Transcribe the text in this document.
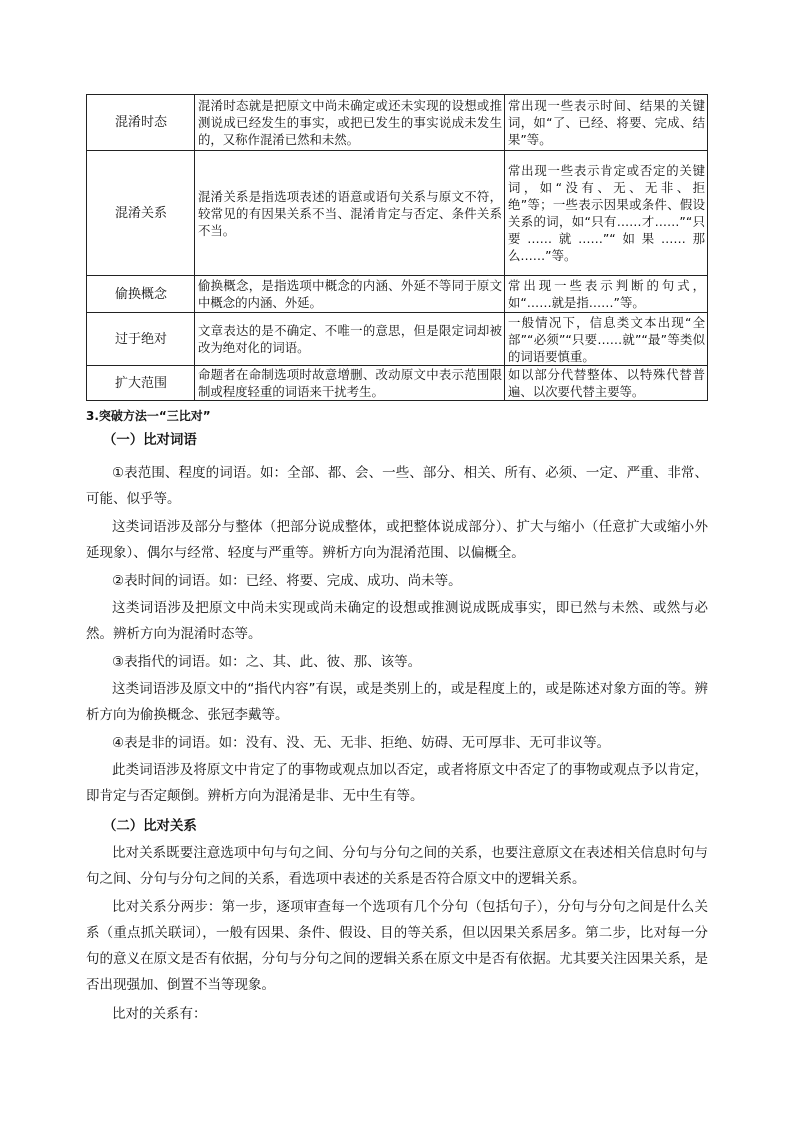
混淆时态	混淆时态就是把原文中尚未确定或还未实现的设想或推测说成已经发生的事实，或把已发生的事实说成未发生的，又称作混淆已然和未然。	常出现一些表示时间、结果的关键词，如“了、已经、将要、完成、结果”等。
混淆关系	混淆关系是指选项表述的语意或语句关系与原文不符，较常见的有因果关系不当、混淆肯定与否定、条件关系不当。	常出现一些表示肯定或否定的关键词，如“没有、无、无非、拒绝”等；一些表示因果或条件、假设关系的词，如“只有……才……”“只要……就……”“如果……那么……”等。
偷换概念	偷换概念，是指选项中概念的内涵、外延不等同于原文中概念的内涵、外延。	常出现一些表示判断的句式，如“……就是指……”等。
过于绝对	文章表达的是不确定、不唯一的意思，但是限定词却被改为绝对化的词语。	一般情况下，信息类文本出现“全部”“必须”“只要……就”“最”等类似的词语要慎重。
扩大范围	命题者在命制选项时故意增删、改动原文中表示范围限制或程度轻重的词语来干扰考生。	如以部分代替整体、以特殊代替普遍、以次要代替主要等。
3.突破方法一“三比对”
（一）比对词语

①表范围、程度的词语。如：全部、都、会、一些、部分、相关、所有、必须、一定、严重、非常、可能、似乎等。

这类词语涉及部分与整体（把部分说成整体，或把整体说成部分）、扩大与缩小（任意扩大或缩小外延现象）、偶尔与经常、轻度与严重等。辨析方向为混淆范围、以偏概全。

②表时间的词语。如：已经、将要、完成、成功、尚未等。

这类词语涉及把原文中尚未实现或尚未确定的设想或推测说成既成事实，即已然与未然、或然与必然。辨析方向为混淆时态等。

③表指代的词语。如：之、其、此、彼、那、该等。

这类词语涉及原文中的“指代内容”有误，或是类别上的，或是程度上的，或是陈述对象方面的等。辨析方向为偷换概念、张冠李戴等。

④表是非的词语。如：没有、没、无、无非、拒绝、妨碍、无可厚非、无可非议等。

此类词语涉及将原文中肯定了的事物或观点加以否定，或者将原文中否定了的事物或观点予以肯定，即肯定与否定颠倒。辨析方向为混淆是非、无中生有等。

（二）比对关系

比对关系既要注意选项中句与句之间、分句与分句之间的关系，也要注意原文在表述相关信息时句与句之间、分句与分句之间的关系，看选项中表述的关系是否符合原文中的逻辑关系。

比对关系分两步：第一步，逐项审查每一个选项有几个分句（包括句子），分句与分句之间是什么关系（重点抓关联词），一般有因果、条件、假设、目的等关系，但以因果关系居多。第二步，比对每一分句的意义在原文是否有依据，分句与分句之间的逻辑关系在原文中是否有依据。尤其要关注因果关系，是否出现强加、倒置不当等现象。

比对的关系有：
